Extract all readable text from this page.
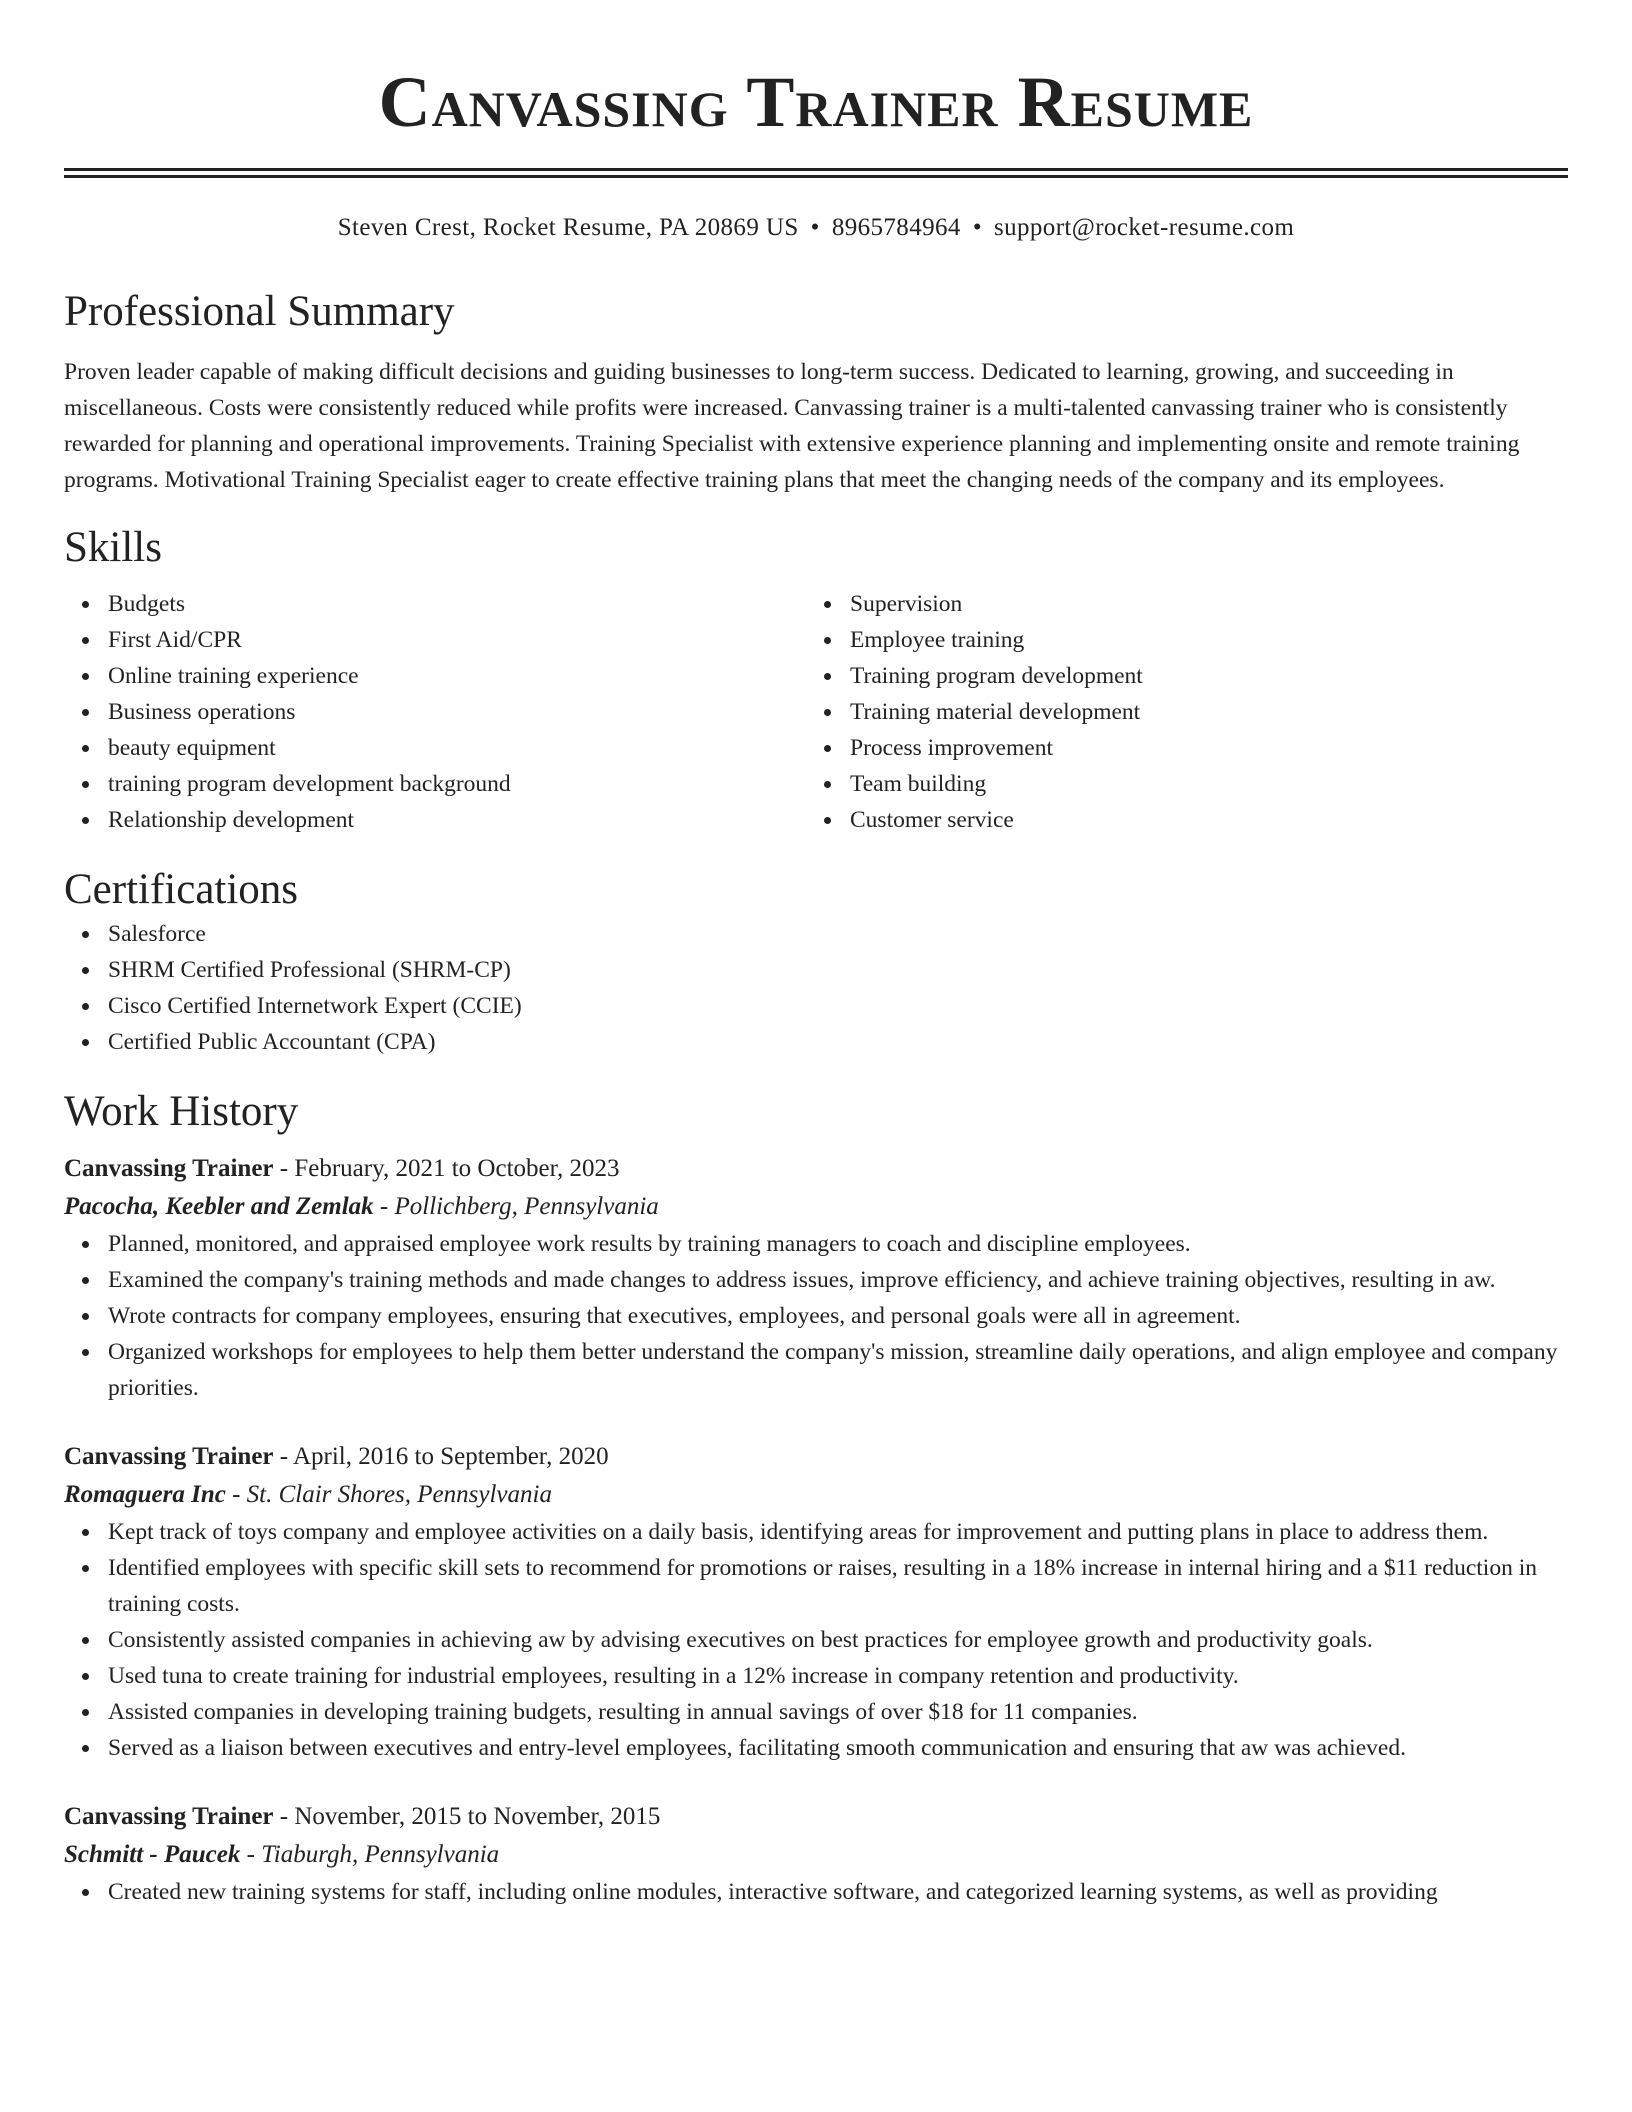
Canvassing Trainer Resume
Steven Crest, Rocket Resume, PA 20869 US • 8965784964 • support@rocket-resume.com
Professional Summary

Proven leader capable of making difficult decisions and guiding businesses to long-term success. Dedicated to learning, growing, and succeeding in miscellaneous. Costs were consistently reduced while profits were increased. Canvassing trainer is a multi-talented canvassing trainer who is consistently rewarded for planning and operational improvements. Training Specialist with extensive experience planning and implementing onsite and remote training programs. Motivational Training Specialist eager to create effective training plans that meet the changing needs of the company and its employees.

Skills
Budgets
First Aid/CPR
Online training experience
Business operations
beauty equipment
training program development background
Relationship development
Supervision
Employee training
Training program development
Training material development
Process improvement
Team building
Customer service
Certifications
Salesforce
SHRM Certified Professional (SHRM-CP)
Cisco Certified Internetwork Expert (CCIE)
Certified Public Accountant (CPA)
Work History
Canvassing Trainer - February, 2021 to October, 2023
Pacocha, Keebler and Zemlak - Pollichberg, Pennsylvania
Planned, monitored, and appraised employee work results by training managers to coach and discipline employees.
Examined the company's training methods and made changes to address issues, improve efficiency, and achieve training objectives, resulting in aw.
Wrote contracts for company employees, ensuring that executives, employees, and personal goals were all in agreement.
Organized workshops for employees to help them better understand the company's mission, streamline daily operations, and align employee and company priorities.
Canvassing Trainer - April, 2016 to September, 2020
Romaguera Inc - St. Clair Shores, Pennsylvania
Kept track of toys company and employee activities on a daily basis, identifying areas for improvement and putting plans in place to address them.
Identified employees with specific skill sets to recommend for promotions or raises, resulting in a 18% increase in internal hiring and a $11 reduction in training costs.
Consistently assisted companies in achieving aw by advising executives on best practices for employee growth and productivity goals.
Used tuna to create training for industrial employees, resulting in a 12% increase in company retention and productivity.
Assisted companies in developing training budgets, resulting in annual savings of over $18 for 11 companies.
Served as a liaison between executives and entry-level employees, facilitating smooth communication and ensuring that aw was achieved.
Canvassing Trainer - November, 2015 to November, 2015
Schmitt - Paucek - Tiaburgh, Pennsylvania
Created new training systems for staff, including online modules, interactive software, and categorized learning systems, as well as providing
